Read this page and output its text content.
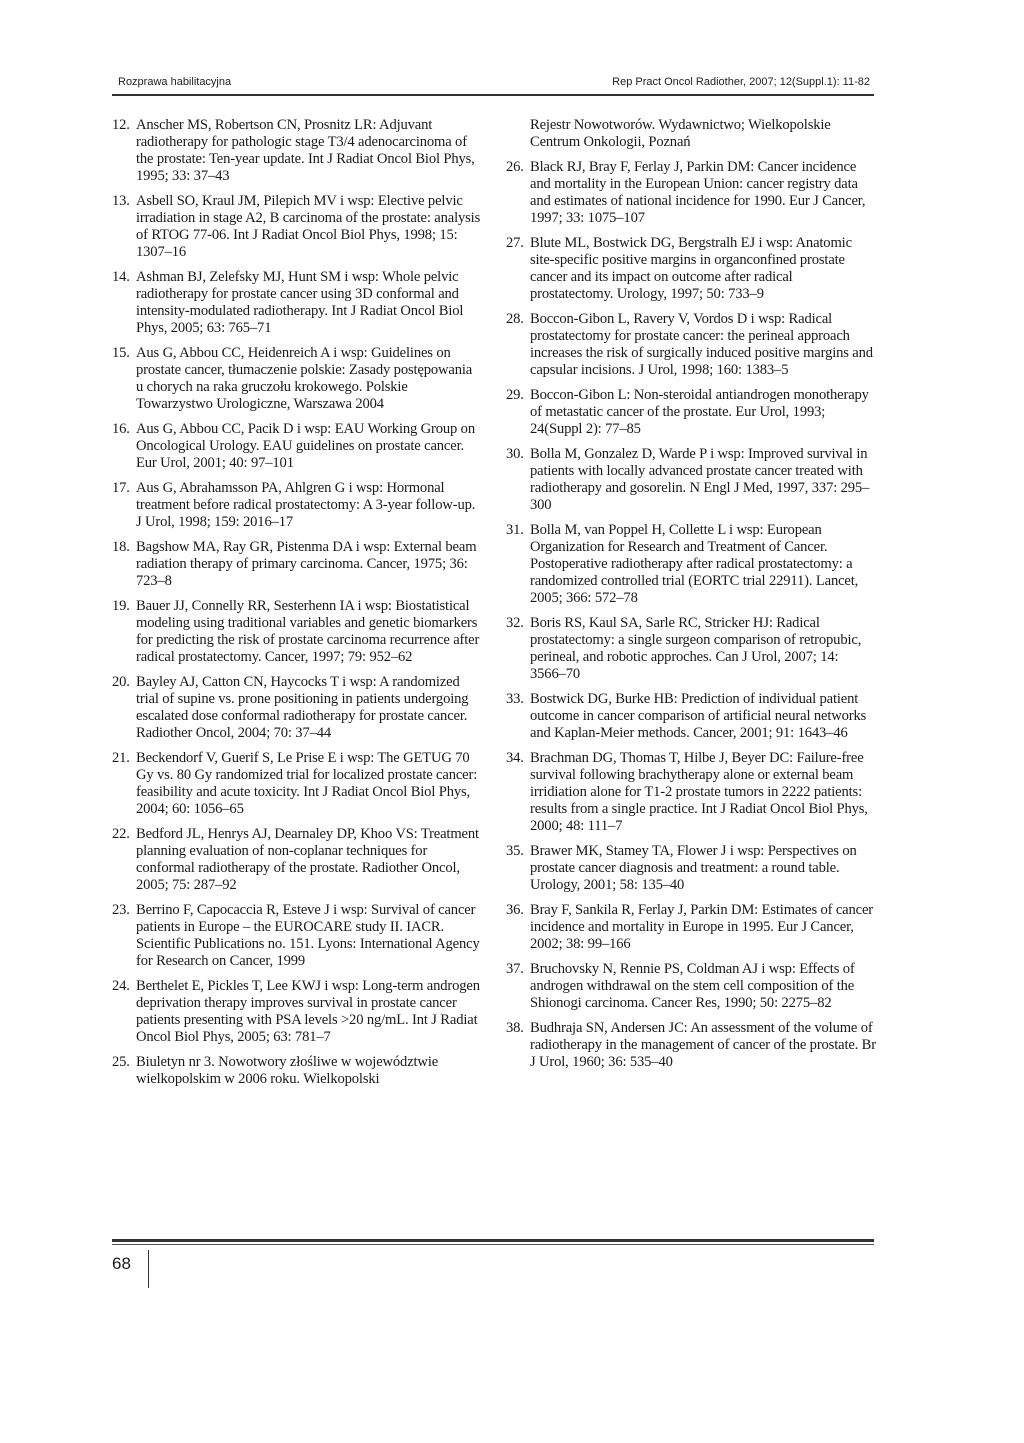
Rozprawa habilitacyjna	Rep Pract Oncol Radiother, 2007; 12(Suppl.1): 11-82
12. Anscher MS, Robertson CN, Prosnitz LR: Adjuvant radiotherapy for pathologic stage T3/4 adenocarcinoma of the prostate: Ten-year update. Int J Radiat Oncol Biol Phys, 1995; 33: 37–43
13. Asbell SO, Kraul JM, Pilepich MV i wsp: Elective pelvic irradiation in stage A2, B carcinoma of the prostate: analysis of RTOG 77-06. Int J Radiat Oncol Biol Phys, 1998; 15: 1307–16
14. Ashman BJ, Zelefsky MJ, Hunt SM i wsp: Whole pelvic radiotherapy for prostate cancer using 3D conformal and intensity-modulated radiotherapy. Int J Radiat Oncol Biol Phys, 2005; 63: 765–71
15. Aus G, Abbou CC, Heidenreich A i wsp: Guidelines on prostate cancer, tłumaczenie polskie: Zasady postępowania u chorych na raka gruczołu krokowego. Polskie Towarzystwo Urologiczne, Warszawa 2004
16. Aus G, Abbou CC, Pacik D i wsp: EAU Working Group on Oncological Urology. EAU guidelines on prostate cancer. Eur Urol, 2001; 40: 97–101
17. Aus G, Abrahamsson PA, Ahlgren G i wsp: Hormonal treatment before radical prostatectomy: A 3-year follow-up. J Urol, 1998; 159: 2016–17
18. Bagshow MA, Ray GR, Pistenma DA i wsp: External beam radiation therapy of primary carcinoma. Cancer, 1975; 36: 723–8
19. Bauer JJ, Connelly RR, Sesterhenn IA i wsp: Biostatistical modeling using traditional variables and genetic biomarkers for predicting the risk of prostate carcinoma recurrence after radical prostatectomy. Cancer, 1997; 79: 952–62
20. Bayley AJ, Catton CN, Haycocks T i wsp: A randomized trial of supine vs. prone positioning in patients undergoing escalated dose conformal radiotherapy for prostate cancer. Radiother Oncol, 2004; 70: 37–44
21. Beckendorf V, Guerif S, Le Prise E i wsp: The GETUG 70 Gy vs. 80 Gy randomized trial for localized prostate cancer: feasibility and acute toxicity. Int J Radiat Oncol Biol Phys, 2004; 60: 1056–65
22. Bedford JL, Henrys AJ, Dearnaley DP, Khoo VS: Treatment planning evaluation of non-coplanar techniques for conformal radiotherapy of the prostate. Radiother Oncol, 2005; 75: 287–92
23. Berrino F, Capocaccia R, Esteve J i wsp: Survival of cancer patients in Europe – the EUROCARE study II. IACR. Scientific Publications no. 151. Lyons: International Agency for Research on Cancer, 1999
24. Berthelet E, Pickles T, Lee KWJ i wsp: Long-term androgen deprivation therapy improves survival in prostate cancer patients presenting with PSA levels >20 ng/mL. Int J Radiat Oncol Biol Phys, 2005; 63: 781–7
25. Biuletyn nr 3. Nowotwory złośliwe w województwie wielkopolskim w 2006 roku. Wielkopolski
Rejestr Nowotworów. Wydawnictwo; Wielkopolskie Centrum Onkologii, Poznań
26. Black RJ, Bray F, Ferlay J, Parkin DM: Cancer incidence and mortality in the European Union: cancer registry data and estimates of national incidence for 1990. Eur J Cancer, 1997; 33: 1075–107
27. Blute ML, Bostwick DG, Bergstralh EJ i wsp: Anatomic site-specific positive margins in organconfined prostate cancer and its impact on outcome after radical prostatectomy. Urology, 1997; 50: 733–9
28. Boccon-Gibon L, Ravery V, Vordos D i wsp: Radical prostatectomy for prostate cancer: the perineal approach increases the risk of surgically induced positive margins and capsular incisions. J Urol, 1998; 160: 1383–5
29. Boccon-Gibon L: Non-steroidal antiandrogen monotherapy of metastatic cancer of the prostate. Eur Urol, 1993; 24(Suppl 2): 77–85
30. Bolla M, Gonzalez D, Warde P i wsp: Improved survival in patients with locally advanced prostate cancer treated with radiotherapy and gosorelin. N Engl J Med, 1997, 337: 295–300
31. Bolla M, van Poppel H, Collette L i wsp: European Organization for Research and Treatment of Cancer. Postoperative radiotherapy after radical prostatectomy: a randomized controlled trial (EORTC trial 22911). Lancet, 2005; 366: 572–78
32. Boris RS, Kaul SA, Sarle RC, Stricker HJ: Radical prostatectomy: a single surgeon comparison of retropubic, perineal, and robotic approches. Can J Urol, 2007; 14: 3566–70
33. Bostwick DG, Burke HB: Prediction of individual patient outcome in cancer comparison of artificial neural networks and Kaplan-Meier methods. Cancer, 2001; 91: 1643–46
34. Brachman DG, Thomas T, Hilbe J, Beyer DC: Failure-free survival following brachytherapy alone or external beam irridiation alone for T1-2 prostate tumors in 2222 patients: results from a single practice. Int J Radiat Oncol Biol Phys, 2000; 48: 111–7
35. Brawer MK, Stamey TA, Flower J i wsp: Perspectives on prostate cancer diagnosis and treatment: a round table. Urology, 2001; 58: 135–40
36. Bray F, Sankila R, Ferlay J, Parkin DM: Estimates of cancer incidence and mortality in Europe in 1995. Eur J Cancer, 2002; 38: 99–166
37. Bruchovsky N, Rennie PS, Coldman AJ i wsp: Effects of androgen withdrawal on the stem cell composition of the Shionogi carcinoma. Cancer Res, 1990; 50: 2275–82
38. Budhraja SN, Andersen JC: An assessment of the volume of radiotherapy in the management of cancer of the prostate. Br J Urol, 1960; 36: 535–40
68
